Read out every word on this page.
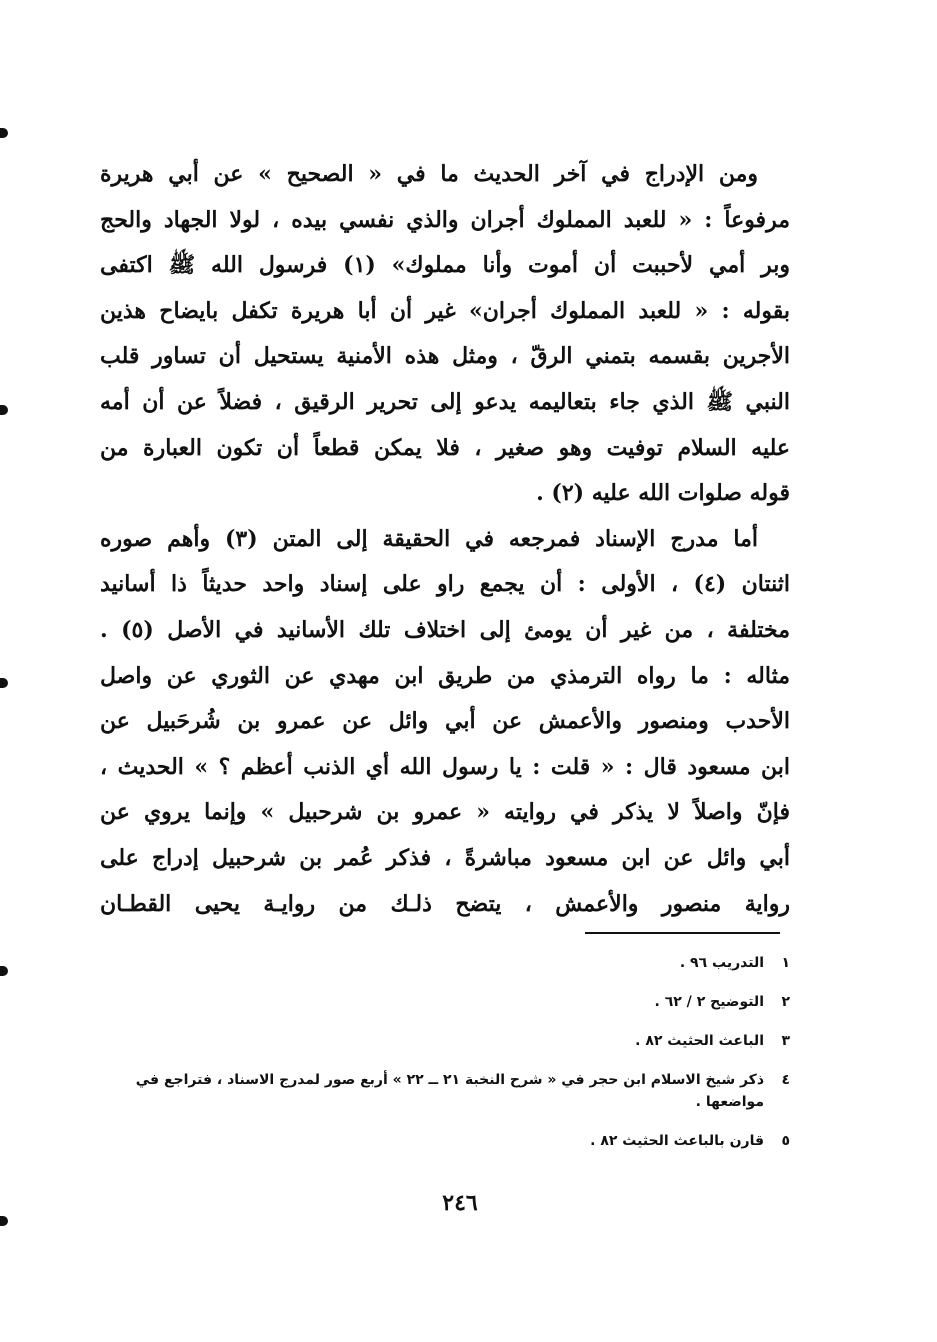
ومن الإدراج في آخر الحديث ما في « الصحيح » عن أبي هريرة
مرفوعاً : « للعبد المملوك أجران والذي نفسي بيده ، لولا الجهاد والحج
وبر أمي لأحببت أن أموت وأنا مملوك» (١) فرسول الله ﷺ اكتفى
بقوله : « للعبد المملوك أجران» غير أن أبا هريرة تكفل بايضاح هذين
الأجرين بقسمه بتمني الرقّ ، ومثل هذه الأمنية يستحيل أن تساور قلب
النبي ﷺ الذي جاء بتعاليمه يدعو إلى تحرير الرقيق ، فضلاً عن أن أمه
عليه السلام توفيت وهو صغير ، فلا يمكن قطعاً أن تكون العبارة من
قوله صلوات الله عليه (٢) .
أما مدرج الإسناد فمرجعه في الحقيقة إلى المتن (٣) وأهم صوره
اثنتان (٤) ، الأولى : أن يجمع راو على إسناد واحد حديثاً ذا أسانيد
مختلفة ، من غير أن يومئ إلى اختلاف تلك الأسانيد في الأصل (٥) .
مثاله : ما رواه الترمذي من طريق ابن مهدي عن الثوري عن واصل
الأحدب ومنصور والأعمش عن أبي وائل عن عمرو بن شُرحَبيل عن
ابن مسعود قال : « قلت : يا رسول الله أي الذنب أعظم ؟ » الحديث ،
فإنّ واصلاً لا يذكر في روايته « عمرو بن شرحبيل » وإنما يروي عن
أبي وائل عن ابن مسعود مباشرةً ، فذكر عُمر بن شرحبيل إدراج على
رواية منصور والأعمش ، يتضح ذلـك من روايـة يحيى القطـان
١
التدريب ٩٦ .
٢
التوضيح ٢ / ٦٢ .
٣
الباعث الحثيث ٨٢ .
٤
ذكر شيخ الاسلام ابن حجر في « شرح النخبة ٢١ ــ ٢٢ » أربع صور لمدرج الاسناد ، فتراجع في مواضعها .
٥
قارن بالباعث الحثيث ٨٢ .
٢٤٦
